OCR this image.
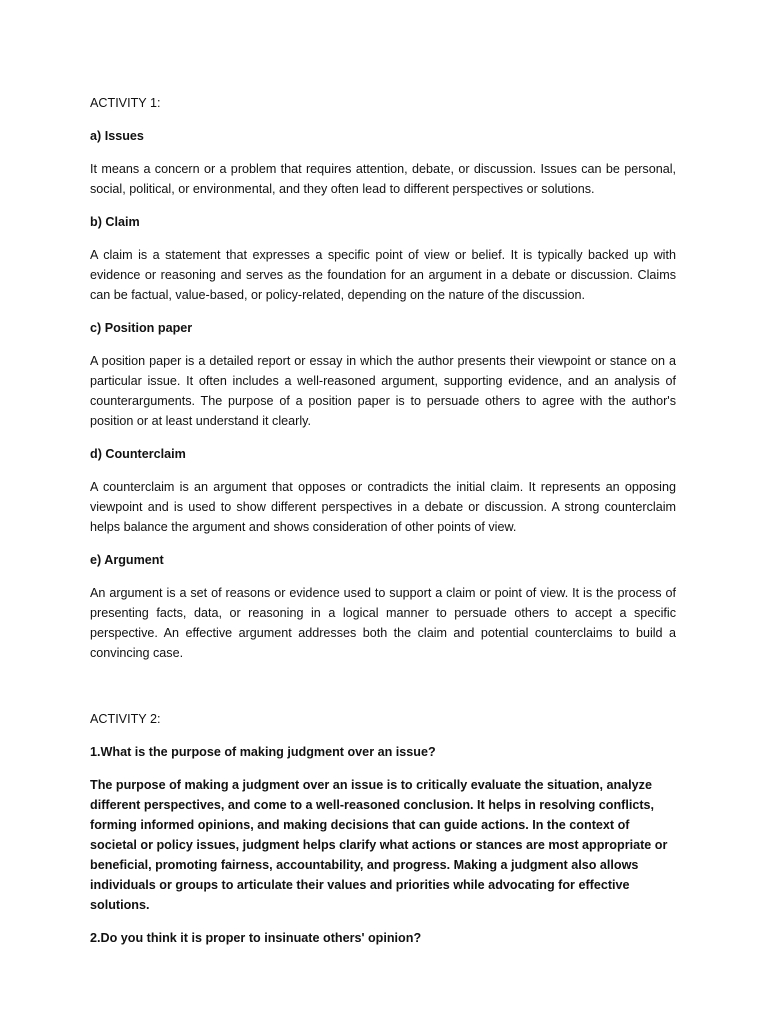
ACTIVITY 1:

a) Issues

It means a concern or a problem that requires attention, debate, or discussion. Issues can be personal, social, political, or environmental, and they often lead to different perspectives or solutions.

b) Claim

A claim is a statement that expresses a specific point of view or belief. It is typically backed up with evidence or reasoning and serves as the foundation for an argument in a debate or discussion. Claims can be factual, value-based, or policy-related, depending on the nature of the discussion.

c) Position paper

A position paper is a detailed report or essay in which the author presents their viewpoint or stance on a particular issue. It often includes a well-reasoned argument, supporting evidence, and an analysis of counterarguments. The purpose of a position paper is to persuade others to agree with the author's position or at least understand it clearly.

d) Counterclaim

A counterclaim is an argument that opposes or contradicts the initial claim. It represents an opposing viewpoint and is used to show different perspectives in a debate or discussion. A strong counterclaim helps balance the argument and shows consideration of other points of view.

e) Argument

An argument is a set of reasons or evidence used to support a claim or point of view. It is the process of presenting facts, data, or reasoning in a logical manner to persuade others to accept a specific perspective. An effective argument addresses both the claim and potential counterclaims to build a convincing case.

ACTIVITY 2:

1.What is the purpose of making judgment over an issue?

The purpose of making a judgment over an issue is to critically evaluate the situation, analyze different perspectives, and come to a well-reasoned conclusion. It helps in resolving conflicts, forming informed opinions, and making decisions that can guide actions. In the context of societal or policy issues, judgment helps clarify what actions or stances are most appropriate or beneficial, promoting fairness, accountability, and progress. Making a judgment also allows individuals or groups to articulate their values and priorities while advocating for effective solutions.

2.Do you think it is proper to insinuate others' opinion?
